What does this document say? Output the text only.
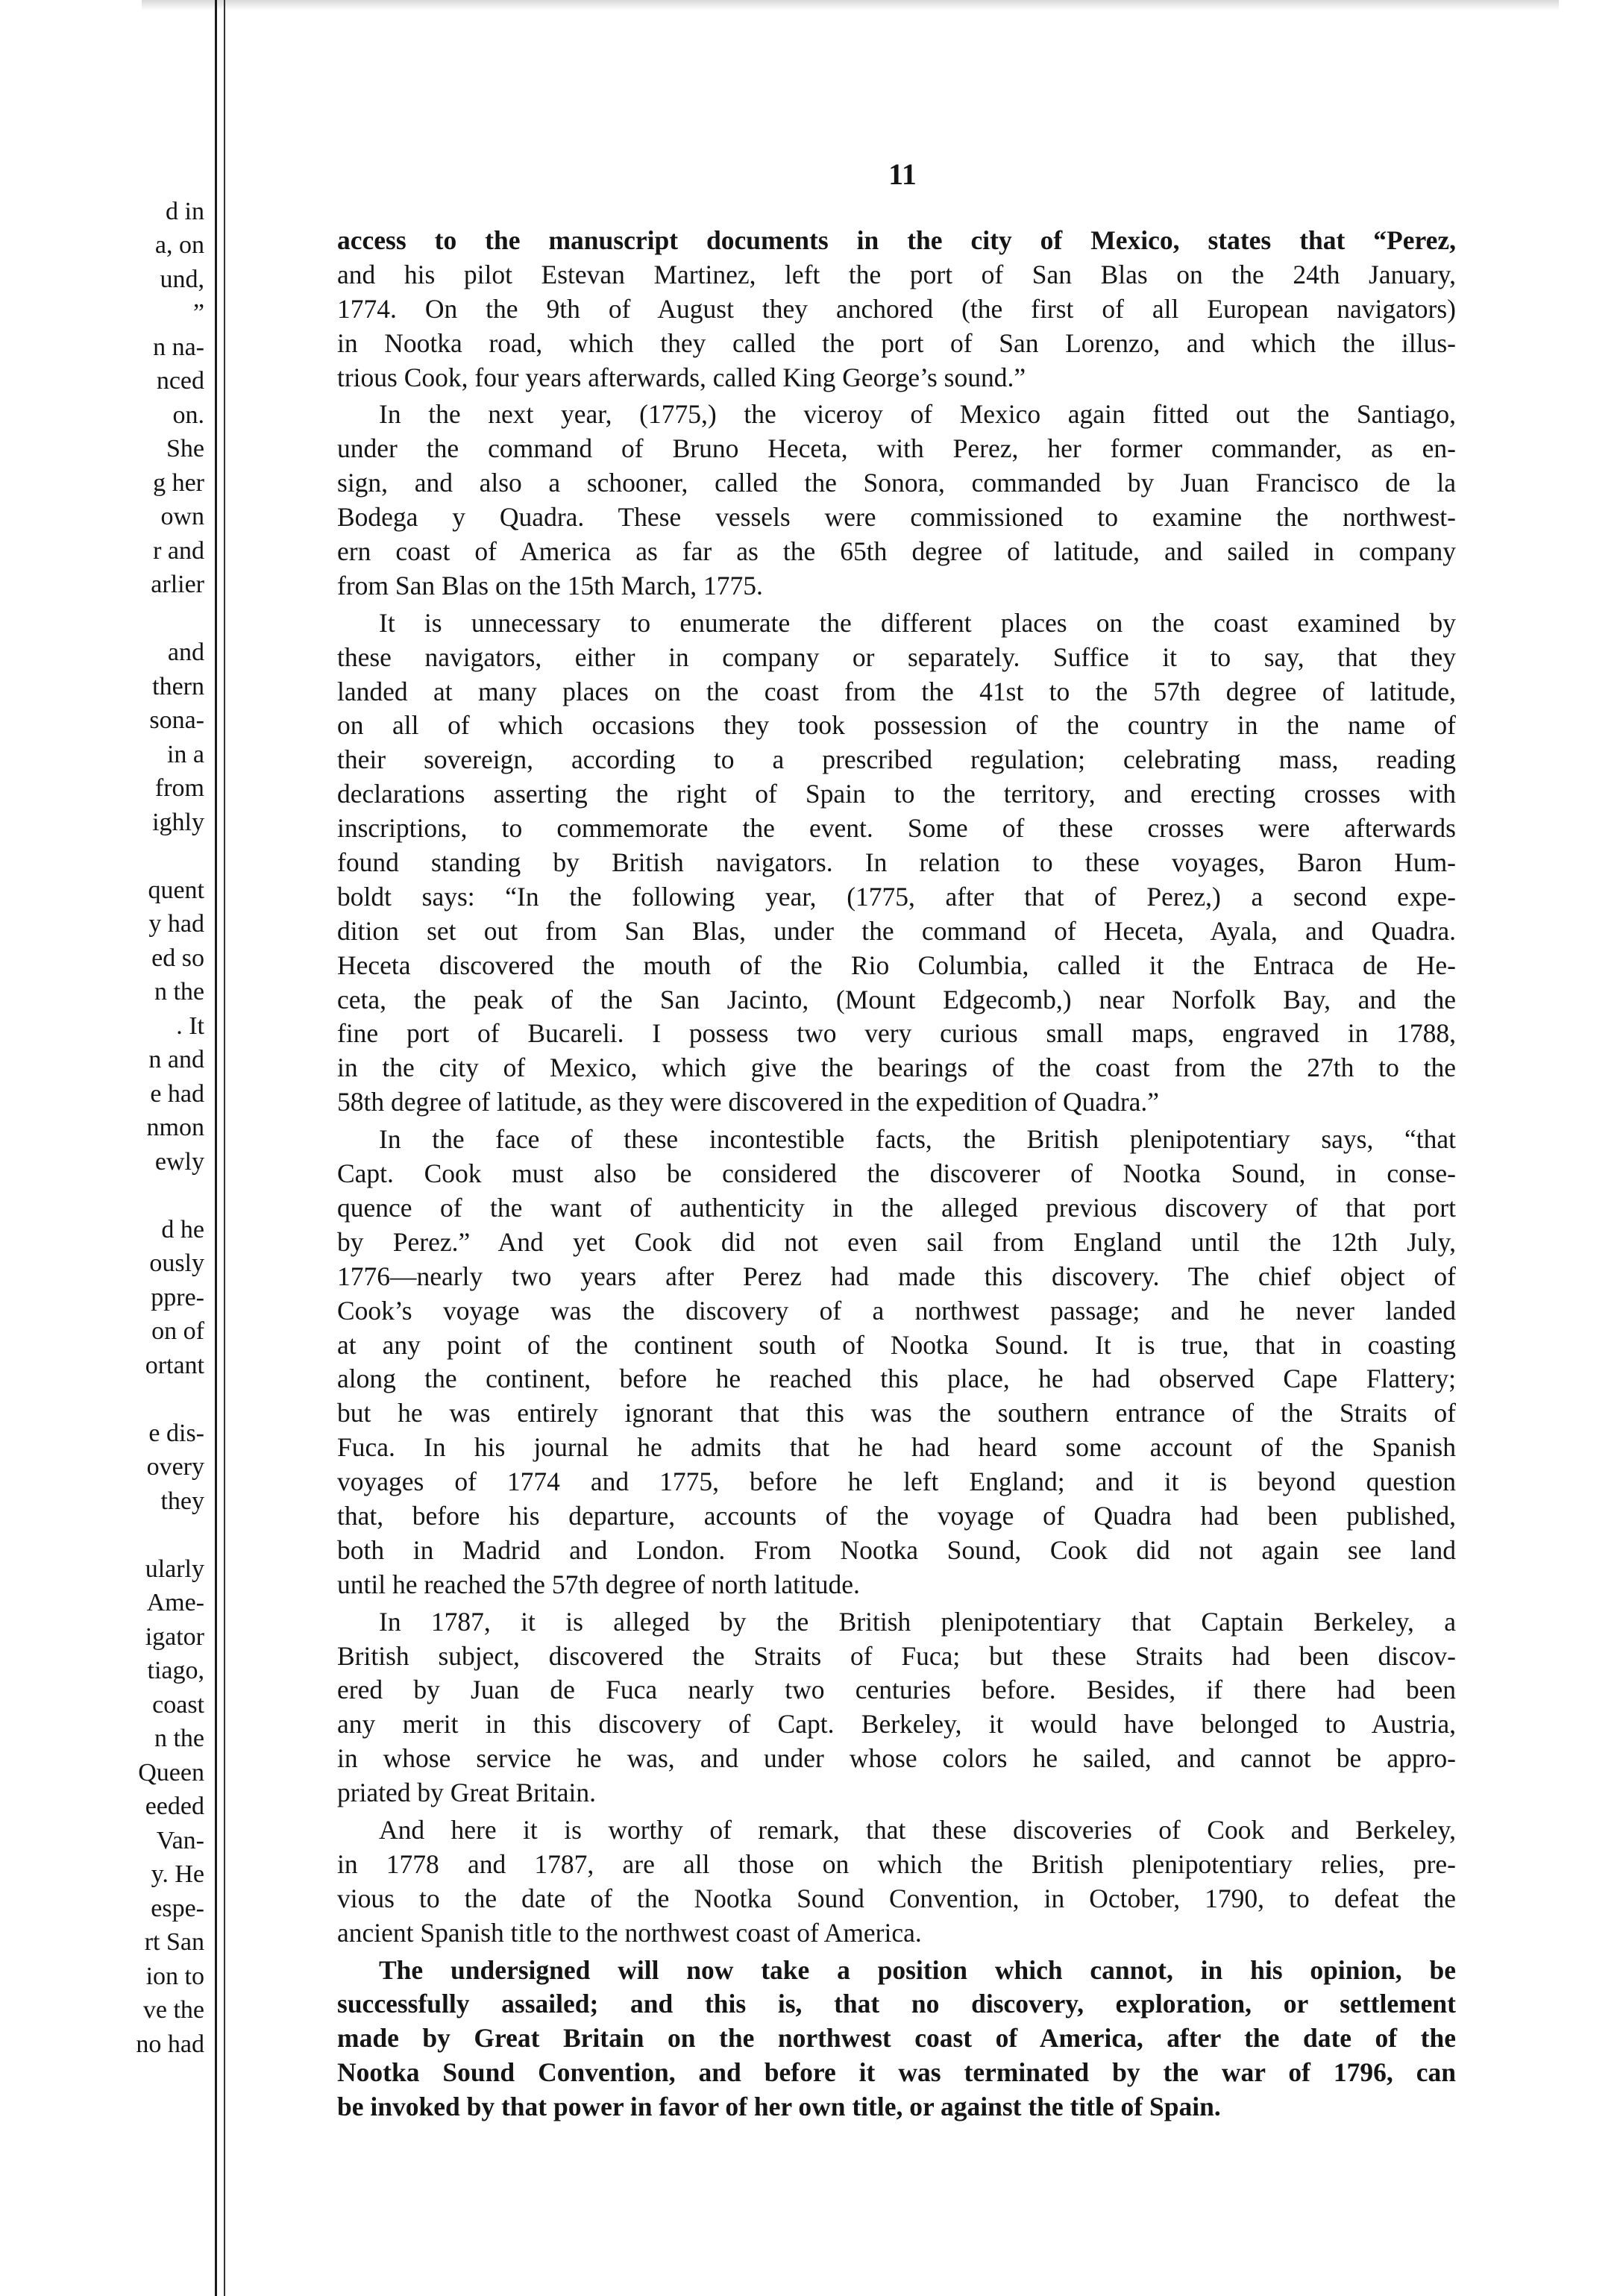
d in
a, on
und,
”
n na-
nced
on.
She
g her
own
r and
arlier
and
thern
sona-
in a
from
ighly
quent
y had
ed so
n the
. It
n and
e had
nmon
ewly
d he
ously
ppre-
on of
ortant
e dis-
overy
they
ularly
Ame-
igator
tiago,
coast
n the
Queen
eeded
Van-
y. He
espe-
rt San
ion to
ve the
no had
11
access to the manuscript documents in the city of Mexico, states that “Perez,
and his pilot Estevan Martinez, left the port of San Blas on the 24th January,
1774. On the 9th of August they anchored (the first of all European navigators)
in Nootka road, which they called the port of San Lorenzo, and which the illus-
trious Cook, four years afterwards, called King George’s sound.”
In the next year, (1775,) the viceroy of Mexico again fitted out the Santiago,
under the command of Bruno Heceta, with Perez, her former commander, as en-
sign, and also a schooner, called the Sonora, commanded by Juan Francisco de la
Bodega y Quadra. These vessels were commissioned to examine the northwest-
ern coast of America as far as the 65th degree of latitude, and sailed in company
from San Blas on the 15th March, 1775.
It is unnecessary to enumerate the different places on the coast examined by
these navigators, either in company or separately. Suffice it to say, that they
landed at many places on the coast from the 41st to the 57th degree of latitude,
on all of which occasions they took possession of the country in the name of
their sovereign, according to a prescribed regulation; celebrating mass, reading
declarations asserting the right of Spain to the territory, and erecting crosses with
inscriptions, to commemorate the event. Some of these crosses were afterwards
found standing by British navigators. In relation to these voyages, Baron Hum-
boldt says: “In the following year, (1775, after that of Perez,) a second expe-
dition set out from San Blas, under the command of Heceta, Ayala, and Quadra.
Heceta discovered the mouth of the Rio Columbia, called it the Entraca de He-
ceta, the peak of the San Jacinto, (Mount Edgecomb,) near Norfolk Bay, and the
fine port of Bucareli. I possess two very curious small maps, engraved in 1788,
in the city of Mexico, which give the bearings of the coast from the 27th to the
58th degree of latitude, as they were discovered in the expedition of Quadra.”
In the face of these incontestible facts, the British plenipotentiary says, “that
Capt. Cook must also be considered the discoverer of Nootka Sound, in conse-
quence of the want of authenticity in the alleged previous discovery of that port
by Perez.” And yet Cook did not even sail from England until the 12th July,
1776—nearly two years after Perez had made this discovery. The chief object of
Cook’s voyage was the discovery of a northwest passage; and he never landed
at any point of the continent south of Nootka Sound. It is true, that in coasting
along the continent, before he reached this place, he had observed Cape Flattery;
but he was entirely ignorant that this was the southern entrance of the Straits of
Fuca. In his journal he admits that he had heard some account of the Spanish
voyages of 1774 and 1775, before he left England; and it is beyond question
that, before his departure, accounts of the voyage of Quadra had been published,
both in Madrid and London. From Nootka Sound, Cook did not again see land
until he reached the 57th degree of north latitude.
In 1787, it is alleged by the British plenipotentiary that Captain Berkeley, a
British subject, discovered the Straits of Fuca; but these Straits had been discov-
ered by Juan de Fuca nearly two centuries before. Besides, if there had been
any merit in this discovery of Capt. Berkeley, it would have belonged to Austria,
in whose service he was, and under whose colors he sailed, and cannot be appro-
priated by Great Britain.
And here it is worthy of remark, that these discoveries of Cook and Berkeley,
in 1778 and 1787, are all those on which the British plenipotentiary relies, pre-
vious to the date of the Nootka Sound Convention, in October, 1790, to defeat the
ancient Spanish title to the northwest coast of America.
The undersigned will now take a position which cannot, in his opinion, be
successfully assailed; and this is, that no discovery, exploration, or settlement
made by Great Britain on the northwest coast of America, after the date of the
Nootka Sound Convention, and before it was terminated by the war of 1796, can
be invoked by that power in favor of her own title, or against the title of Spain.
